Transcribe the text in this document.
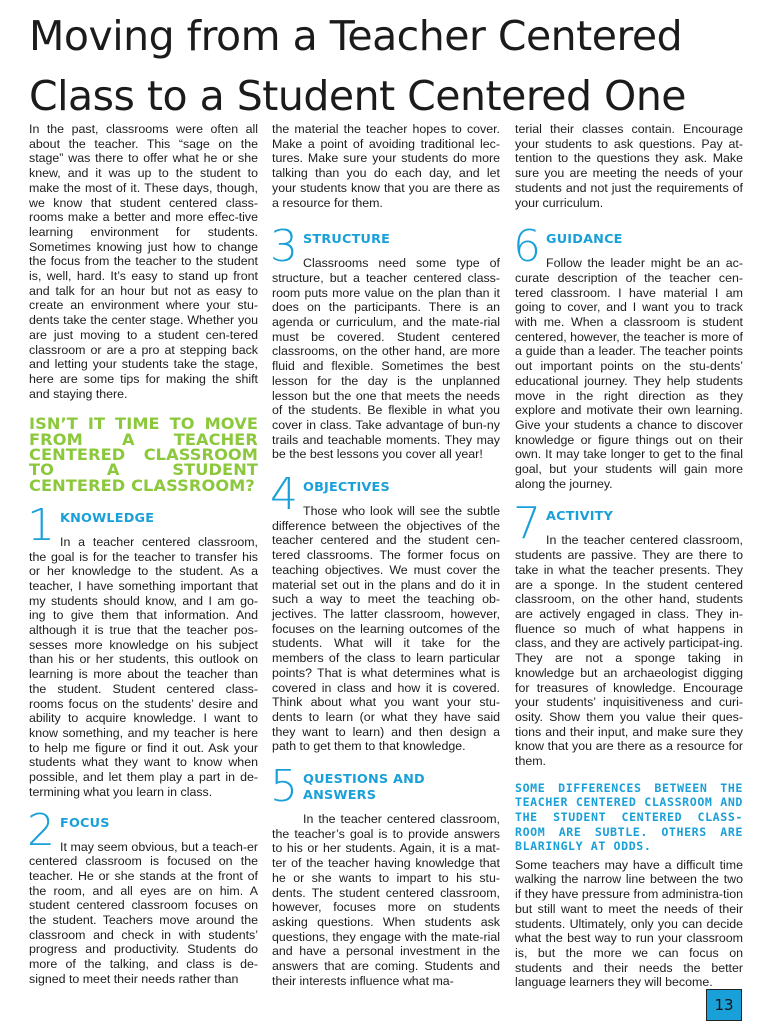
Moving from a Teacher Centered
Class to a Student Centered One

In the past, classrooms were often all about the teacher. This “sage on the stage” was there to offer what he or she knew, and it was up to the student to make the most of it. These days, though, we know that student centered class-rooms make a better and more effec-tive learning environment for students. Sometimes knowing just how to change the focus from the teacher to the student is, well, hard. It’s easy to stand up front and talk for an hour but not as easy to create an environment where your stu-dents take the center stage. Whether you are just moving to a student cen-tered classroom or are a pro at stepping back and letting your students take the stage, here are some tips for making the shift and staying there.

ISN’T IT TIME TO MOVE FROM A TEACHER CENTERED CLASSROOM TO A STUDENT CENTERED CLASSROOM?

1 KNOWLEDGE

In a teacher centered classroom, the goal is for the teacher to transfer his or her knowledge to the student. As a teacher, I have something important that my students should know, and I am go-ing to give them that information. And although it is true that the teacher pos-sesses more knowledge on his subject than his or her students, this outlook on learning is more about the teacher than the student. Student centered class-rooms focus on the students’ desire and ability to acquire knowledge. I want to know something, and my teacher is here to help me figure or find it out. Ask your students what they want to know when possible, and let them play a part in de-termining what you learn in class.

2 FOCUS

It may seem obvious, but a teach-er centered classroom is focused on the teacher. He or she stands at the front of the room, and all eyes are on him. A student centered classroom focuses on the student. Teachers move around the classroom and check in with students’ progress and productivity. Students do more of the talking, and class is de-signed to meet their needs rather than

the material the teacher hopes to cover. Make a point of avoiding traditional lec-tures. Make sure your students do more talking than you do each day, and let your students know that you are there as a resource for them.

3 STRUCTURE

Classrooms need some type of structure, but a teacher centered class-room puts more value on the plan than it does on the participants. There is an agenda or curriculum, and the mate-rial must be covered. Student centered classrooms, on the other hand, are more fluid and flexible. Sometimes the best lesson for the day is the unplanned lesson but the one that meets the needs of the students. Be flexible in what you cover in class. Take advantage of bun-ny trails and teachable moments. They may be the best lessons you cover all year!

4 OBJECTIVES

Those who look will see the subtle difference between the objectives of the teacher centered and the student cen-tered classrooms. The former focus on teaching objectives. We must cover the material set out in the plans and do it in such a way to meet the teaching ob-jectives. The latter classroom, however, focuses on the learning outcomes of the students. What will it take for the members of the class to learn particular points? That is what determines what is covered in class and how it is covered. Think about what you want your stu-dents to learn (or what they have said they want to learn) and then design a path to get them to that knowledge.

5 QUESTIONS AND ANSWERS

In the teacher centered classroom, the teacher’s goal is to provide answers to his or her students. Again, it is a mat-ter of the teacher having knowledge that he or she wants to impart to his stu-dents. The student centered classroom, however, focuses more on students asking questions. When students ask questions, they engage with the mate-rial and have a personal investment in the answers that are coming. Students and their interests influence what ma-

terial their classes contain. Encourage your students to ask questions. Pay at-tention to the questions they ask. Make sure you are meeting the needs of your students and not just the requirements of your curriculum.

6 GUIDANCE

Follow the leader might be an ac-curate description of the teacher cen-tered classroom. I have material I am going to cover, and I want you to track with me. When a classroom is student centered, however, the teacher is more of a guide than a leader. The teacher points out important points on the stu-dents’ educational journey. They help students move in the right direction as they explore and motivate their own learning. Give your students a chance to discover knowledge or figure things out on their own. It may take longer to get to the final goal, but your students will gain more along the journey.

7 ACTIVITY

In the teacher centered classroom, students are passive. They are there to take in what the teacher presents. They are a sponge. In the student centered classroom, on the other hand, students are actively engaged in class. They in-fluence so much of what happens in class, and they are actively participat-ing. They are not a sponge taking in knowledge but an archaeologist digging for treasures of knowledge. Encourage your students’ inquisitiveness and curi-osity. Show them you value their ques-tions and their input, and make sure they know that you are there as a resource for them.

SOME DIFFERENCES BETWEEN THE TEACHER CENTERED CLASSROOM AND THE STUDENT CENTERED CLASS-ROOM ARE SUBTLE. OTHERS ARE BLARINGLY AT ODDS.

Some teachers may have a difficult time walking the narrow line between the two if they have pressure from administra-tion but still want to meet the needs of their students. Ultimately, only you can decide what the best way to run your classroom is, but the more we can focus on students and their needs the better language learners they will become.

13
